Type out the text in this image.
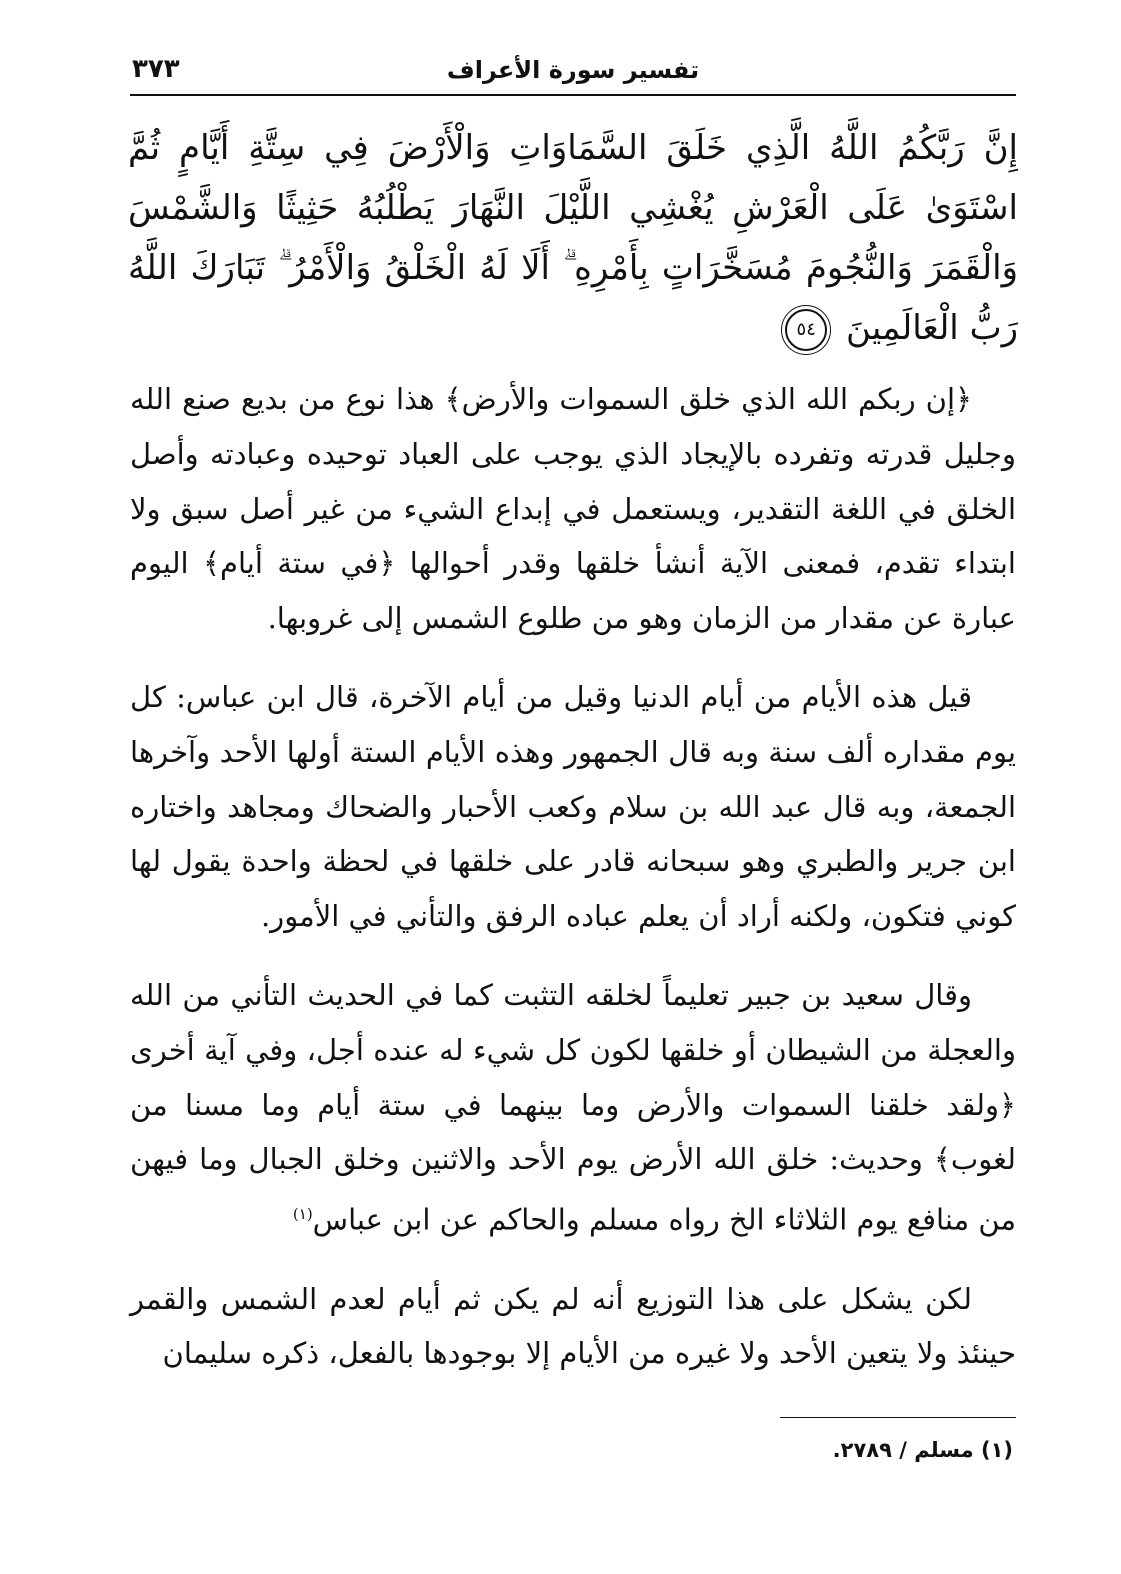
٣٧٣	تفسير سورة الأعراف
إِنَّ رَبَّكُمُ اللَّهُ الَّذِي خَلَقَ السَّمَاوَاتِ وَالْأَرْضَ فِي سِتَّةِ أَيَّامٍ ثُمَّ اسْتَوَىٰ عَلَى الْعَرْشِ يُغْشِي اللَّيْلَ النَّهَارَ يَطْلُبُهُ حَثِيثًا وَالشَّمْسَ وَالْقَمَرَ وَالنُّجُومَ مُسَخَّرَاتٍ بِأَمْرِهِ ۗ أَلَا لَهُ الْخَلْقُ وَالْأَمْرُ ۗ تَبَارَكَ اللَّهُ رَبُّ الْعَالَمِينَ
٥٤

﴿إن ربكم الله الذي خلق السموات والأرض﴾ هذا نوع من بديع صنع الله وجليل قدرته وتفرده بالإيجاد الذي يوجب على العباد توحيده وعبادته وأصل الخلق في اللغة التقدير، ويستعمل في إبداع الشيء من غير أصل سبق ولا ابتداء تقدم، فمعنى الآية أنشأ خلقها وقدر أحوالها ﴿في ستة أيام﴾ اليوم عبارة عن مقدار من الزمان وهو من طلوع الشمس إلى غروبها.

قيل هذه الأيام من أيام الدنيا وقيل من أيام الآخرة، قال ابن عباس: كل يوم مقداره ألف سنة وبه قال الجمهور وهذه الأيام الستة أولها الأحد وآخرها الجمعة، وبه قال عبد الله بن سلام وكعب الأحبار والضحاك ومجاهد واختاره ابن جرير والطبري وهو سبحانه قادر على خلقها في لحظة واحدة يقول لها كوني فتكون، ولكنه أراد أن يعلم عباده الرفق والتأني في الأمور.

وقال سعيد بن جبير تعليماً لخلقه التثبت كما في الحديث التأني من الله والعجلة من الشيطان أو خلقها لكون كل شيء له عنده أجل، وفي آية أخرى ﴿ولقد خلقنا السموات والأرض وما بينهما في ستة أيام وما مسنا من لغوب﴾ وحديث: خلق الله الأرض يوم الأحد والاثنين وخلق الجبال وما فيهن من منافع يوم الثلاثاء الخ رواه مسلم والحاكم عن ابن عباس$^{(١)}$

لكن يشكل على هذا التوزيع أنه لم يكن ثم أيام لعدم الشمس والقمر حينئذ ولا يتعين الأحد ولا غيره من الأيام إلا بوجودها بالفعل، ذكره سليمان

(١) مسلم / ٢٧٨٩.
